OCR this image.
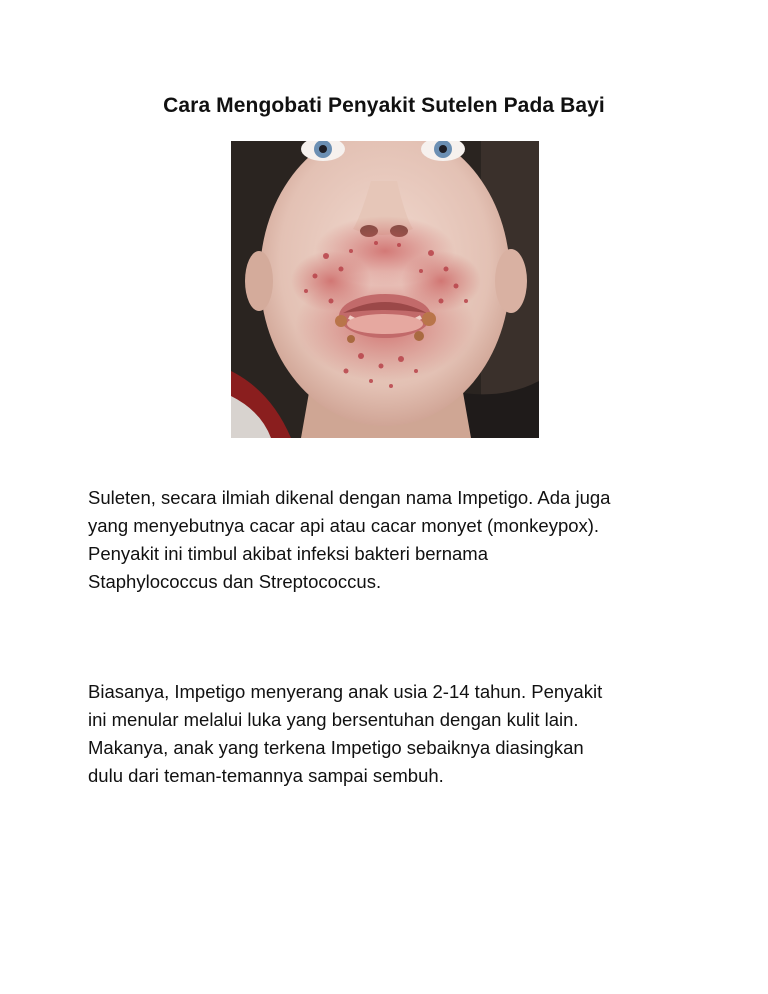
Cara Mengobati Penyakit Sutelen Pada Bayi

Suleten, secara ilmiah dikenal dengan nama Impetigo. Ada juga
yang menyebutnya cacar api atau cacar monyet (monkeypox).
Penyakit ini timbul akibat infeksi bakteri bernama
Staphylococcus dan Streptococcus.

Biasanya, Impetigo menyerang anak usia 2-14 tahun. Penyakit
ini menular melalui luka yang bersentuhan dengan kulit lain.
Makanya, anak yang terkena Impetigo sebaiknya diasingkan
dulu dari teman-temannya sampai sembuh.
